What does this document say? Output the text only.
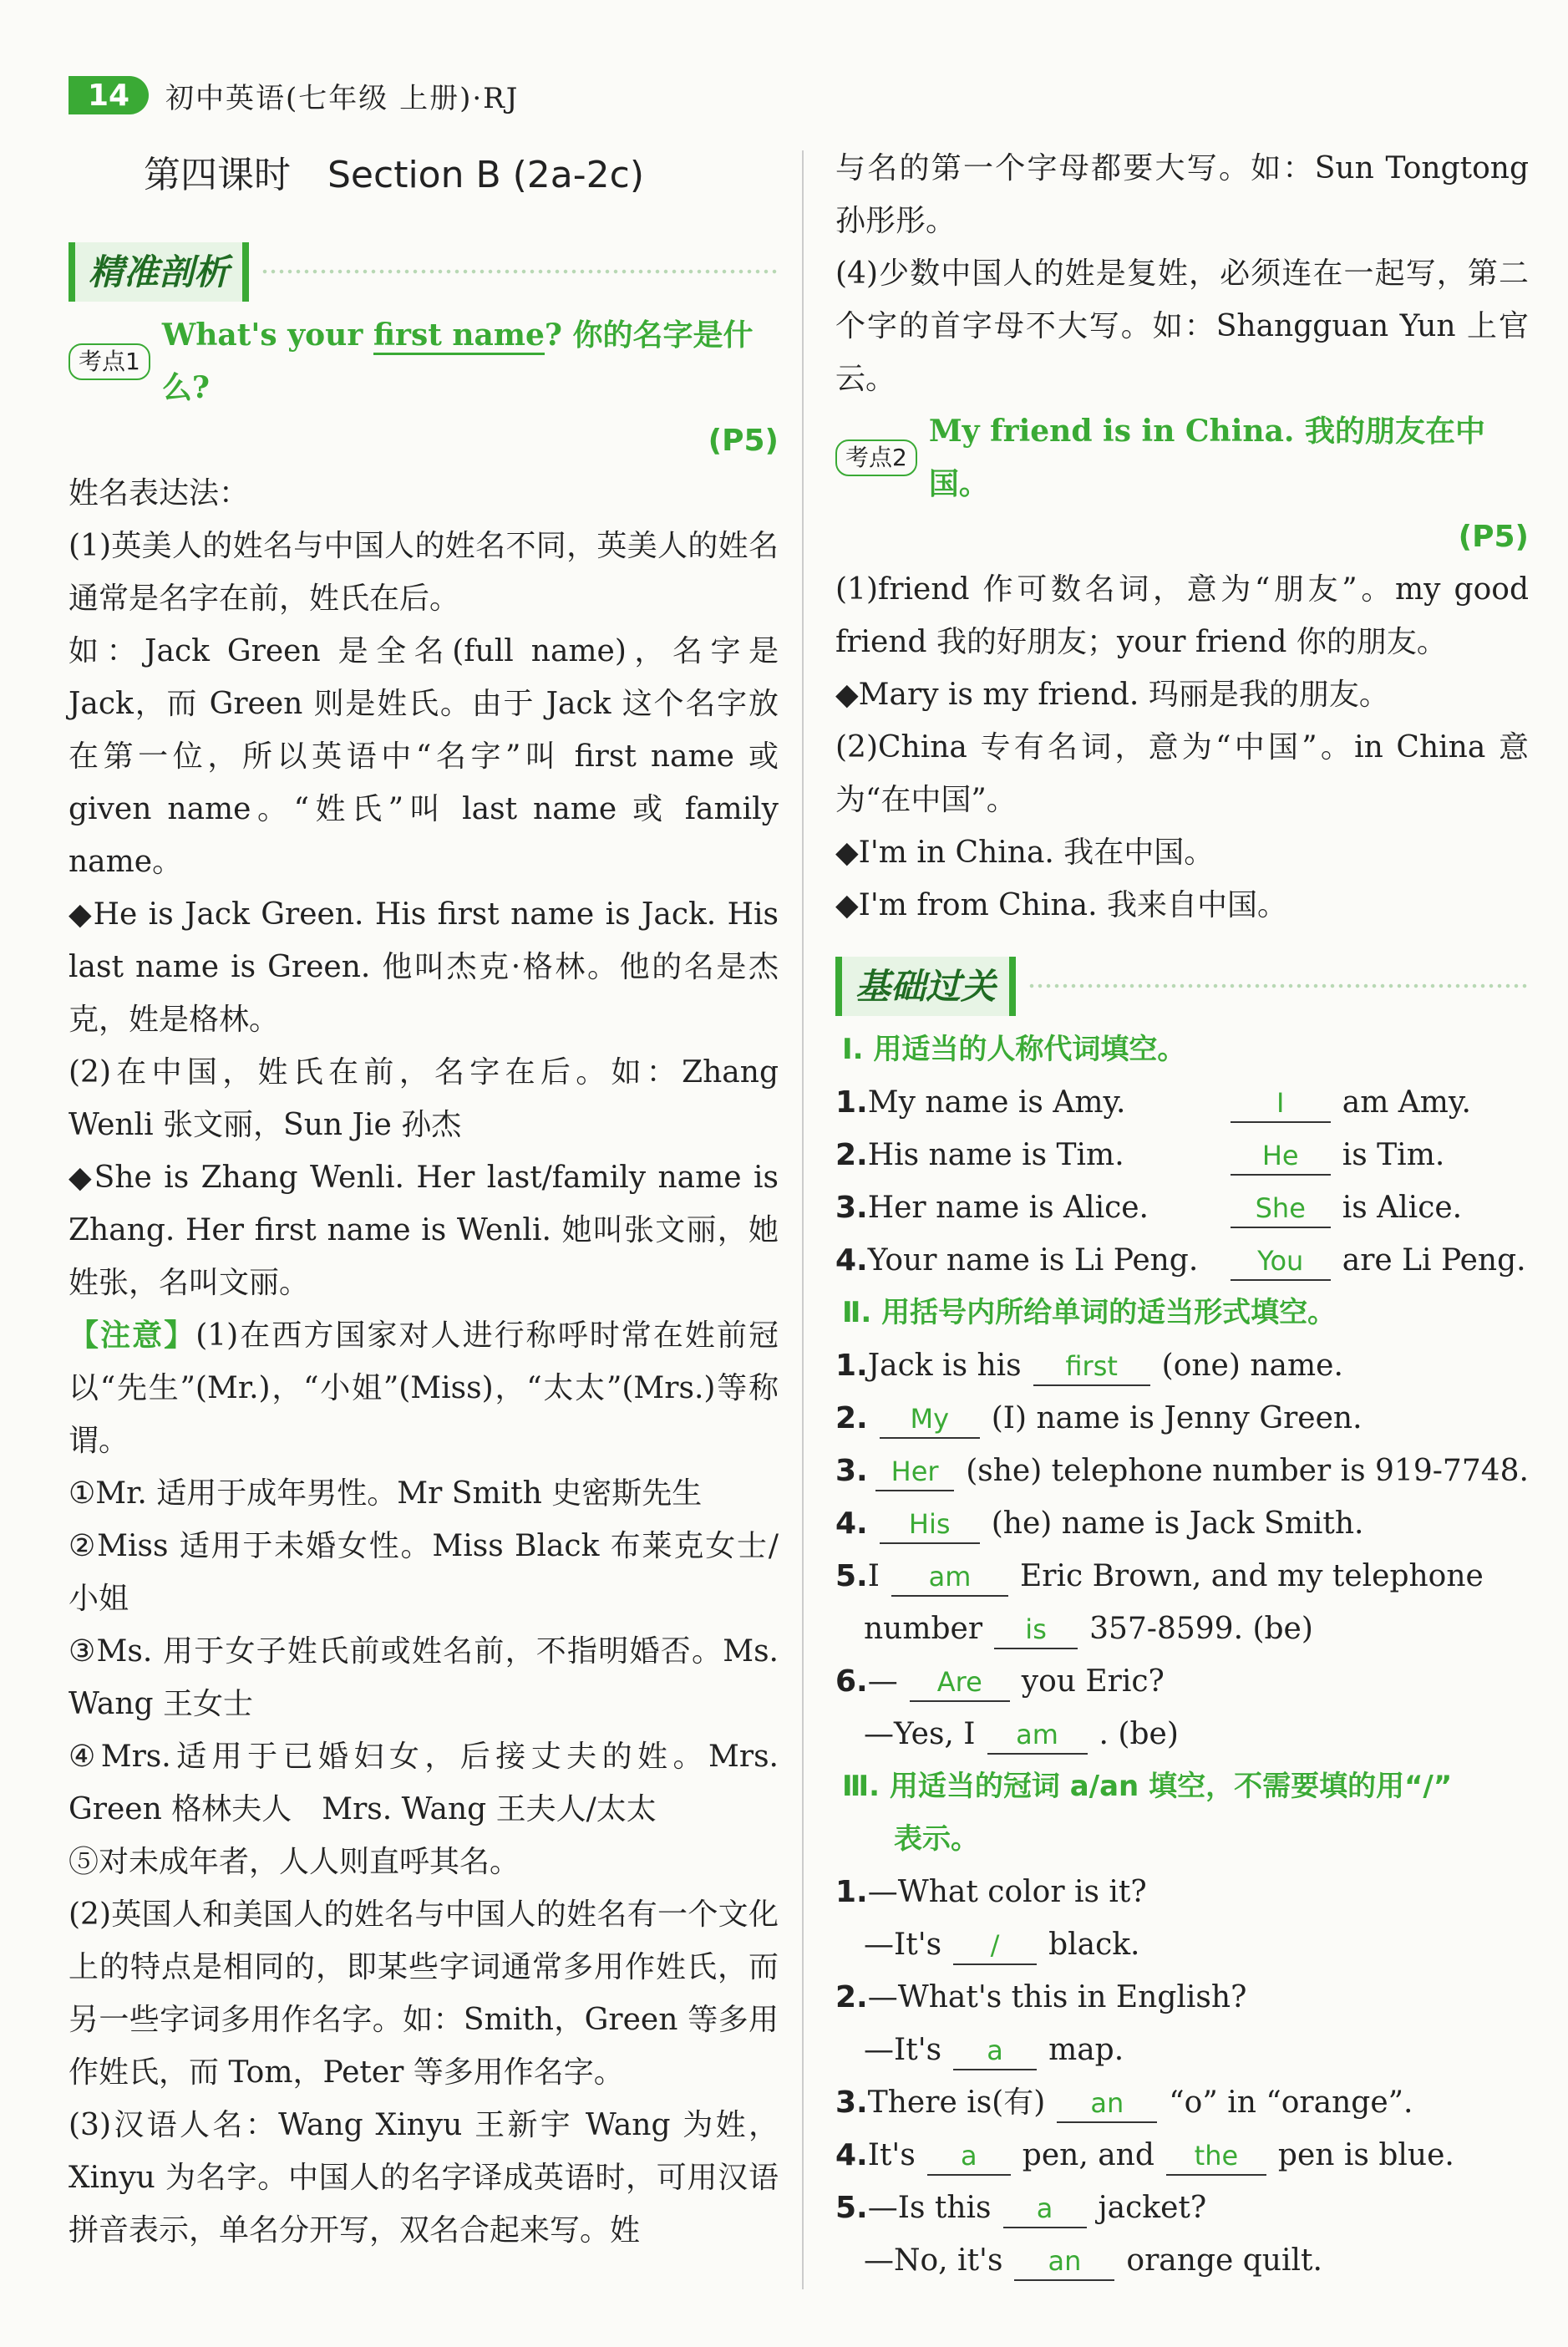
14	初中英语(七年级 上册)·RJ
第四课时　Section B (2a-2c)
精准剖析
考点1
What's your first name? 你的名字是什么?
(P5)

姓名表达法：

(1)英美人的姓名与中国人的姓名不同，英美人的姓名通常是名字在前，姓氏在后。

如：Jack Green 是全名(full name)，名字是 Jack，而 Green 则是姓氏。由于 Jack 这个名字放在第一位，所以英语中“名字”叫 first name 或 given name。“姓氏”叫 last name 或 family name。

◆He is Jack Green. His first name is Jack. His last name is Green. 他叫杰克·格林。他的名是杰克，姓是格林。

(2)在中国，姓氏在前，名字在后。如：Zhang Wenli 张文丽，Sun Jie 孙杰

◆She is Zhang Wenli. Her last/family name is Zhang. Her first name is Wenli. 她叫张文丽，她姓张，名叫文丽。

【注意】(1)在西方国家对人进行称呼时常在姓前冠以“先生”(Mr.)，“小姐”(Miss)，“太太”(Mrs.)等称谓。

①Mr. 适用于成年男性。Mr Smith 史密斯先生

②Miss 适用于未婚女性。Miss Black 布莱克女士/小姐

③Ms. 用于女子姓氏前或姓名前，不指明婚否。Ms. Wang 王女士

④Mrs.适用于已婚妇女，后接丈夫的姓。Mrs. Green 格林夫人　Mrs. Wang 王夫人/太太

⑤对未成年者，人人则直呼其名。

(2)英国人和美国人的姓名与中国人的姓名有一个文化上的特点是相同的，即某些字词通常多用作姓氏，而另一些字词多用作名字。如：Smith，Green 等多用作姓氏，而 Tom，Peter 等多用作名字。

(3)汉语人名：Wang Xinyu 王新宇 Wang 为姓，Xinyu 为名字。中国人的名字译成英语时，可用汉语拼音表示，单名分开写，双名合起来写。姓

与名的第一个字母都要大写。如：Sun Tongtong 孙彤彤。

(4)少数中国人的姓是复姓，必须连在一起写，第二个字的首字母不大写。如：Shangguan Yun 上官云。

考点2
My friend is in China. 我的朋友在中国。
(P5)

(1)friend 作可数名词，意为“朋友”。my good friend 我的好朋友；your friend 你的朋友。

◆Mary is my friend. 玛丽是我的朋友。

(2)China 专有名词，意为“中国”。in China 意为“在中国”。

◆I'm in China. 我在中国。

◆I'm from China. 我来自中国。

基础过关
Ⅰ. 用适当的人称代词填空。
1. My name is Amy.	I	am Amy.
2. His name is Tim.	He	is Tim.
3. Her name is Alice.	She	is Alice.
4. Your name is Li Peng.	You	are Li Peng.
Ⅱ. 用括号内所给单词的适当形式填空。
1. Jack is his	first	(one) name.
2.	My	(I) name is Jenny Green.
3. Her (she) telephone number is 919-7748.
4.	His	(he) name is Jack Smith.
5. I	am	Eric Brown, and my telephone
number	is	357-8599. (be)
6. —	Are	you Eric?
—Yes, I	am	. (be)
Ⅲ. 用适当的冠词 a/an 填空，不需要填的用“/”
表示。
1. —What color is it?
—It's	/	black.
2. —What's this in English?
—It's	a	map.
3. There is(有)	an	“o” in “orange”.
4. It's	a	pen, and	the	pen is blue.
5. —Is this	a	jacket?
—No, it's	an	orange quilt.
